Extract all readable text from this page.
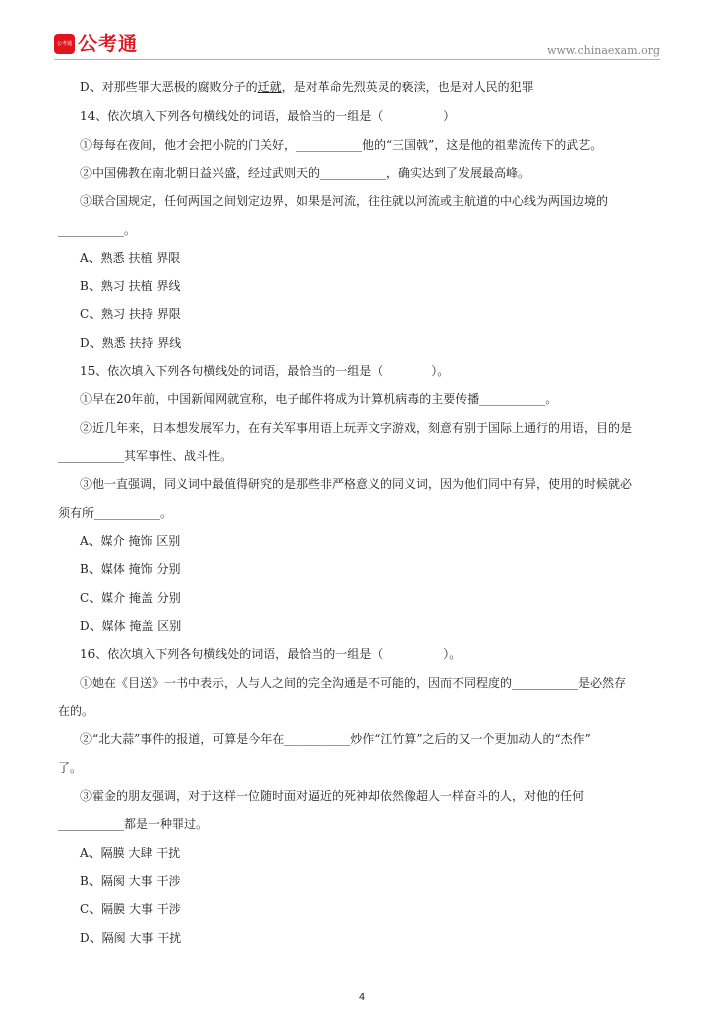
公考通 公考通	www.chinaexam.org
D、对那些罪大恶极的腐败分子的迁就，是对革命先烈英灵的亵渎，也是对人民的犯罪
14、依次填入下列各句横线处的词语，最恰当的一组是（　　　　　）
①每每在夜间，他才会把小院的门关好，___________他的“三国戟”，这是他的祖辈流传下的武艺。
②中国佛教在南北朝日益兴盛，经过武则天的___________，确实达到了发展最高峰。
③联合国规定，任何两国之间划定边界，如果是河流，往往就以河流或主航道的中心线为两国边境的
___________。
A、熟悉 扶植 界限
B、熟习 扶植 界线
C、熟习 扶持 界限
D、熟悉 扶持 界线
15、依次填入下列各句横线处的词语，最恰当的一组是（　　　　）。
①早在20年前，中国新闻网就宣称，电子邮件将成为计算机病毒的主要传播___________。
②近几年来，日本想发展军力，在有关军事用语上玩弄文字游戏，刻意有别于国际上通行的用语，目的是
___________其军事性、战斗性。
③他一直强调，同义词中最值得研究的是那些非严格意义的同义词，因为他们同中有异，使用的时候就必
须有所___________。
A、媒介 掩饰 区别
B、媒体 掩饰 分别
C、媒介 掩盖 分别
D、媒体 掩盖 区别
16、依次填入下列各句横线处的词语，最恰当的一组是（　　　　　）。
①她在《目送》一书中表示，人与人之间的完全沟通是不可能的，因而不同程度的___________是必然存
在的。
②“北大蒜”事件的报道，可算是今年在___________炒作“江竹算”之后的又一个更加动人的“杰作”
了。
③霍金的朋友强调，对于这样一位随时面对逼近的死神却依然像超人一样奋斗的人，对他的任何
___________都是一种罪过。
A、隔膜 大肆 干扰
B、隔阂 大事 干涉
C、隔膜 大事 干涉
D、隔阂 大事 干扰
4
